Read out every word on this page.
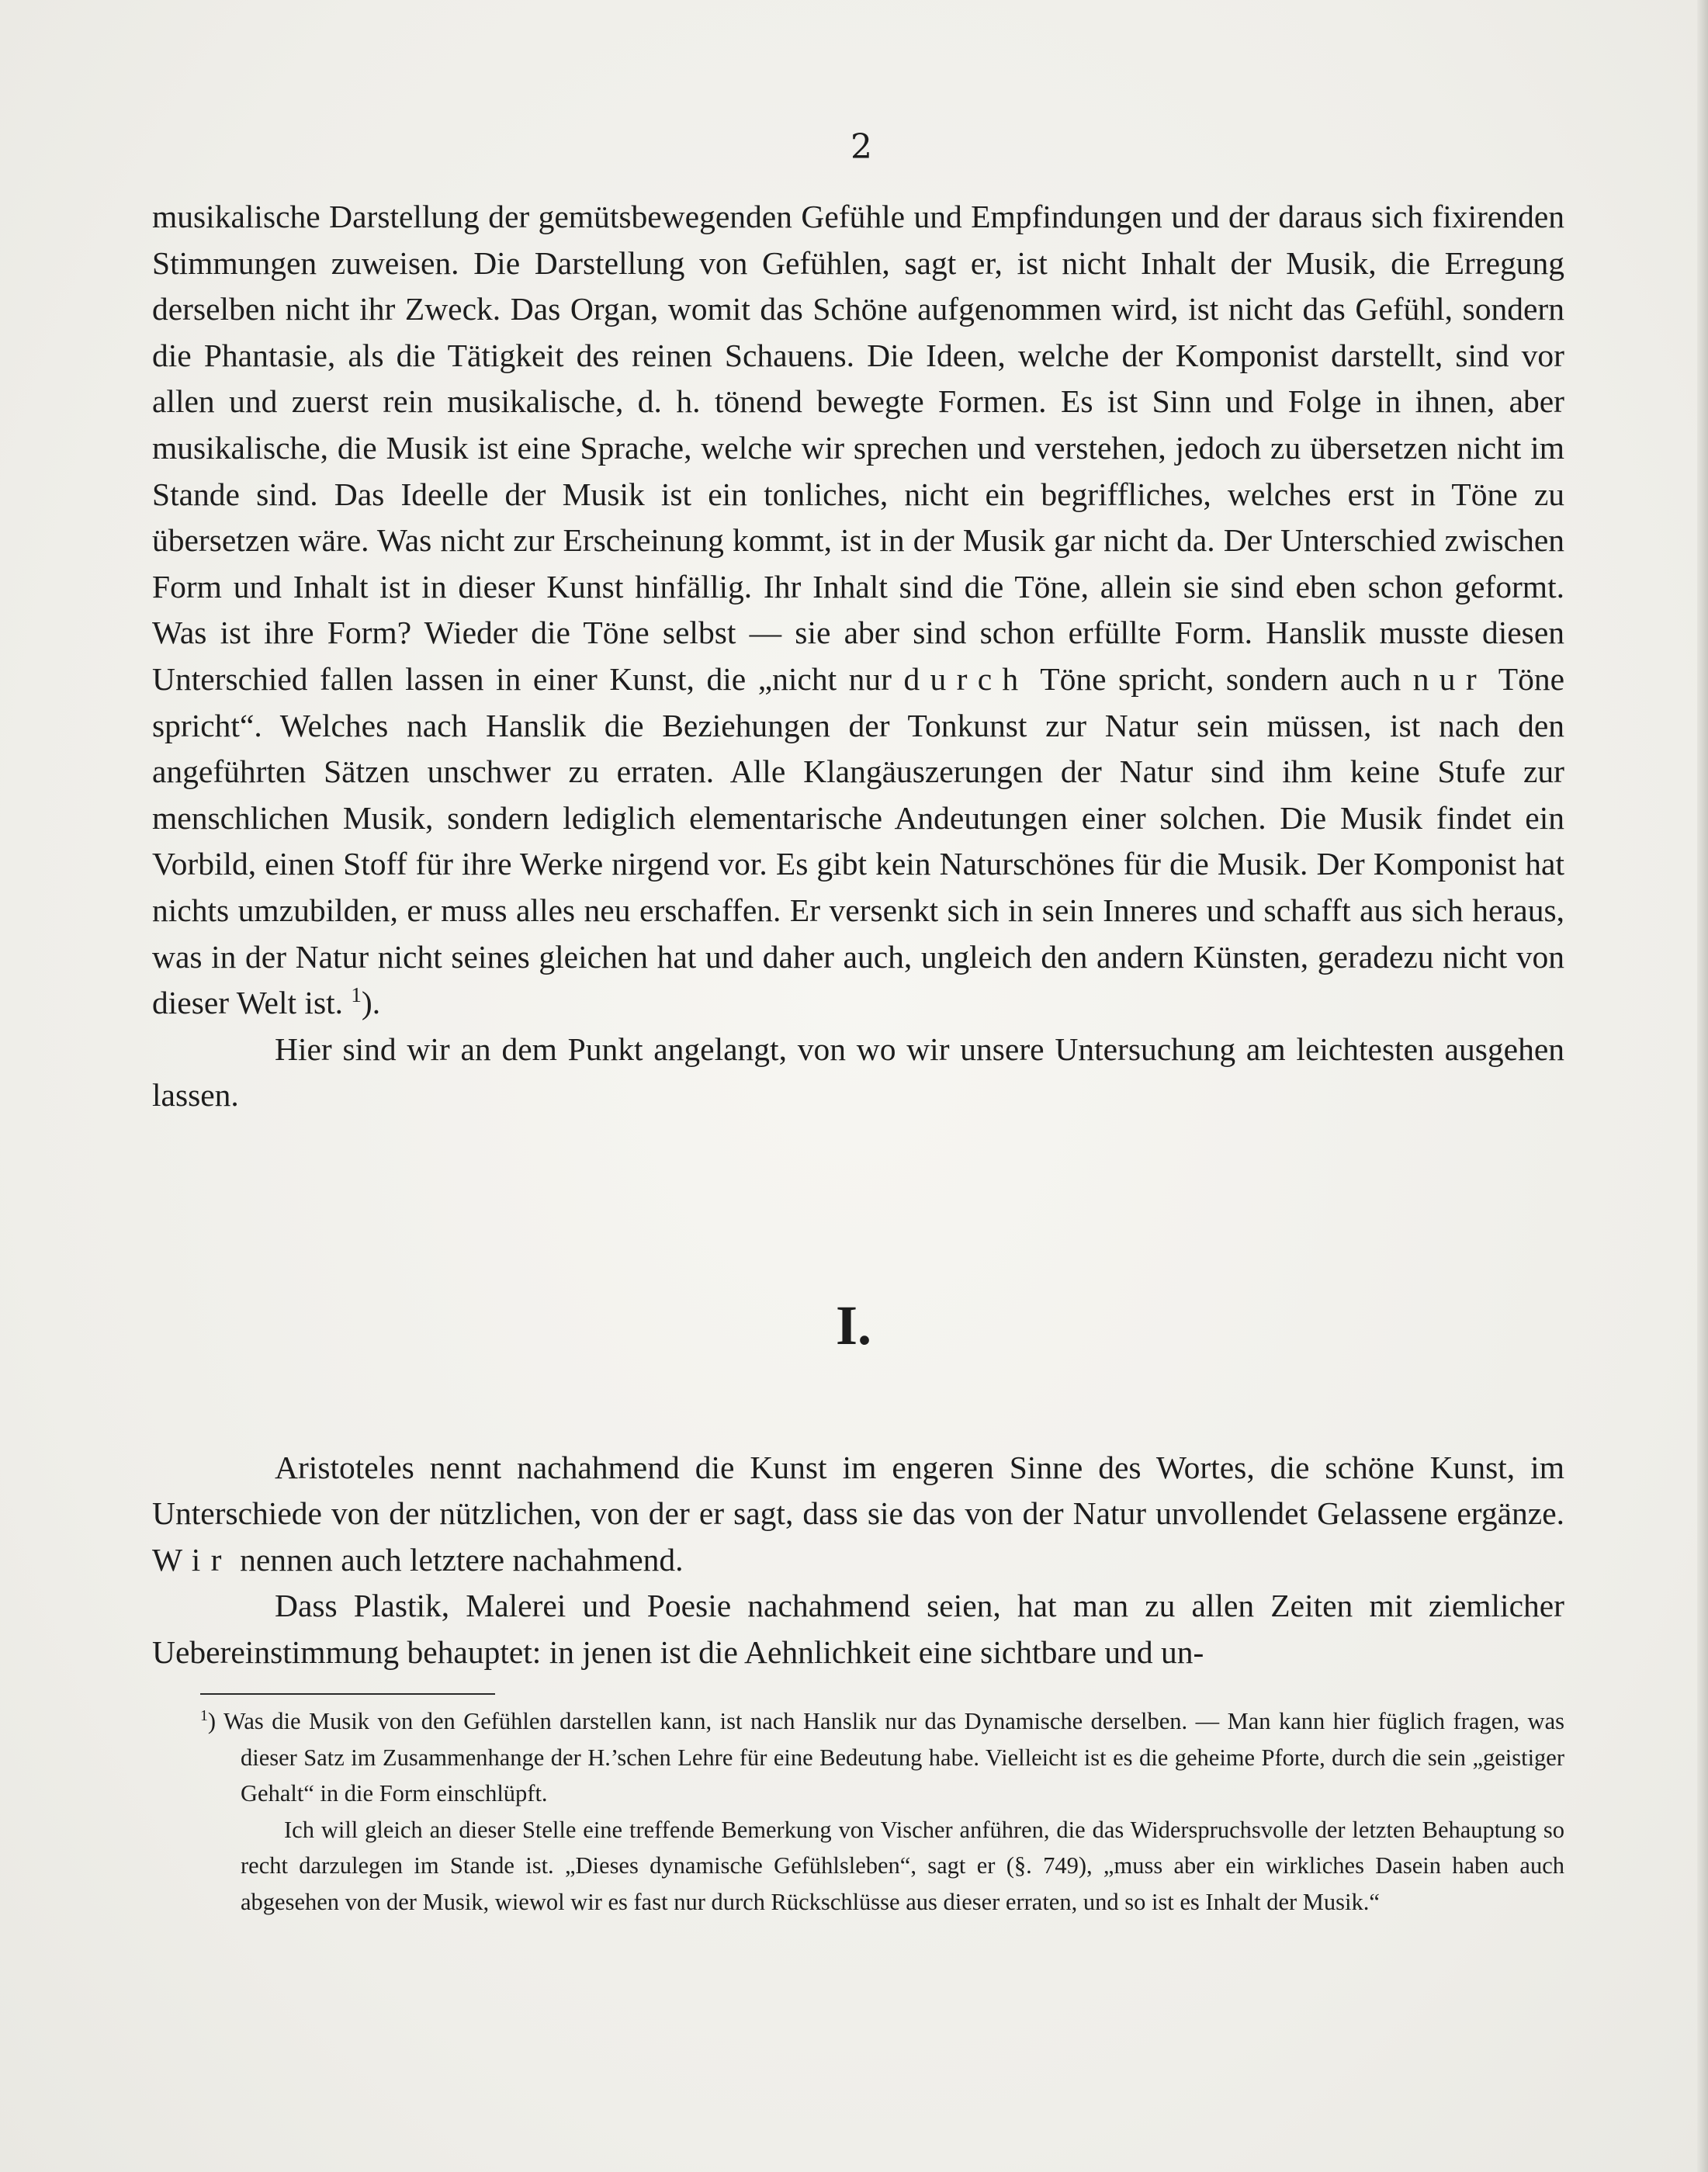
2

musikalische Darstellung der gemütsbewegenden Gefühle und Empfindungen und der daraus sich fixirenden Stimmungen zuweisen. Die Darstellung von Gefühlen, sagt er, ist nicht Inhalt der Musik, die Erregung derselben nicht ihr Zweck. Das Organ, womit das Schöne aufgenommen wird, ist nicht das Gefühl, sondern die Phantasie, als die Tätigkeit des reinen Schauens. Die Ideen, welche der Komponist darstellt, sind vor allen und zuerst rein musikalische, d. h. tönend bewegte Formen. Es ist Sinn und Folge in ihnen, aber musikalische, die Musik ist eine Sprache, welche wir sprechen und verstehen, jedoch zu übersetzen nicht im Stande sind. Das Ideelle der Musik ist ein tonliches, nicht ein begriffliches, welches erst in Töne zu übersetzen wäre. Was nicht zur Erscheinung kommt, ist in der Musik gar nicht da. Der Unterschied zwischen Form und Inhalt ist in dieser Kunst hinfällig. Ihr Inhalt sind die Töne, allein sie sind eben schon geformt. Was ist ihre Form? Wieder die Töne selbst — sie aber sind schon erfüllte Form. Hanslik musste diesen Unterschied fallen lassen in einer Kunst, die „nicht nur durch Töne spricht, sondern auch nur Töne spricht“. Welches nach Hanslik die Beziehungen der Tonkunst zur Natur sein müssen, ist nach den angeführten Sätzen unschwer zu erraten. Alle Klangäuszerungen der Natur sind ihm keine Stufe zur menschlichen Musik, sondern lediglich elementarische Andeutungen einer solchen. Die Musik findet ein Vorbild, einen Stoff für ihre Werke nirgend vor. Es gibt kein Naturschönes für die Musik. Der Komponist hat nichts umzubilden, er muss alles neu erschaffen. Er versenkt sich in sein Inneres und schafft aus sich heraus, was in der Natur nicht seines gleichen hat und daher auch, ungleich den andern Künsten, geradezu nicht von dieser Welt ist. $^1$).

Hier sind wir an dem Punkt angelangt, von wo wir unsere Untersuchung am leichtesten ausgehen lassen.

I.

Aristoteles nennt nachahmend die Kunst im engeren Sinne des Wortes, die schöne Kunst, im Unterschiede von der nützlichen, von der er sagt, dass sie das von der Natur unvollendet Gelassene ergänze. Wir nennen auch letztere nachahmend.

Dass Plastik, Malerei und Poesie nachahmend seien, hat man zu allen Zeiten mit ziemlicher Uebereinstimmung behauptet: in jenen ist die Aehnlichkeit eine sichtbare und un-

$^1$) Was die Musik von den Gefühlen darstellen kann, ist nach Hanslik nur das Dynamische derselben. — Man kann hier füglich fragen, was dieser Satz im Zusammenhange der H.’schen Lehre für eine Bedeutung habe. Vielleicht ist es die geheime Pforte, durch die sein „geistiger Gehalt“ in die Form einschlüpft.

Ich will gleich an dieser Stelle eine treffende Bemerkung von Vischer anführen, die das Widerspruchsvolle der letzten Behauptung so recht darzulegen im Stande ist. „Dieses dynamische Gefühlsleben“, sagt er (§. 749), „muss aber ein wirkliches Dasein haben auch abgesehen von der Musik, wiewol wir es fast nur durch Rückschlüsse aus dieser erraten, und so ist es Inhalt der Musik.“
